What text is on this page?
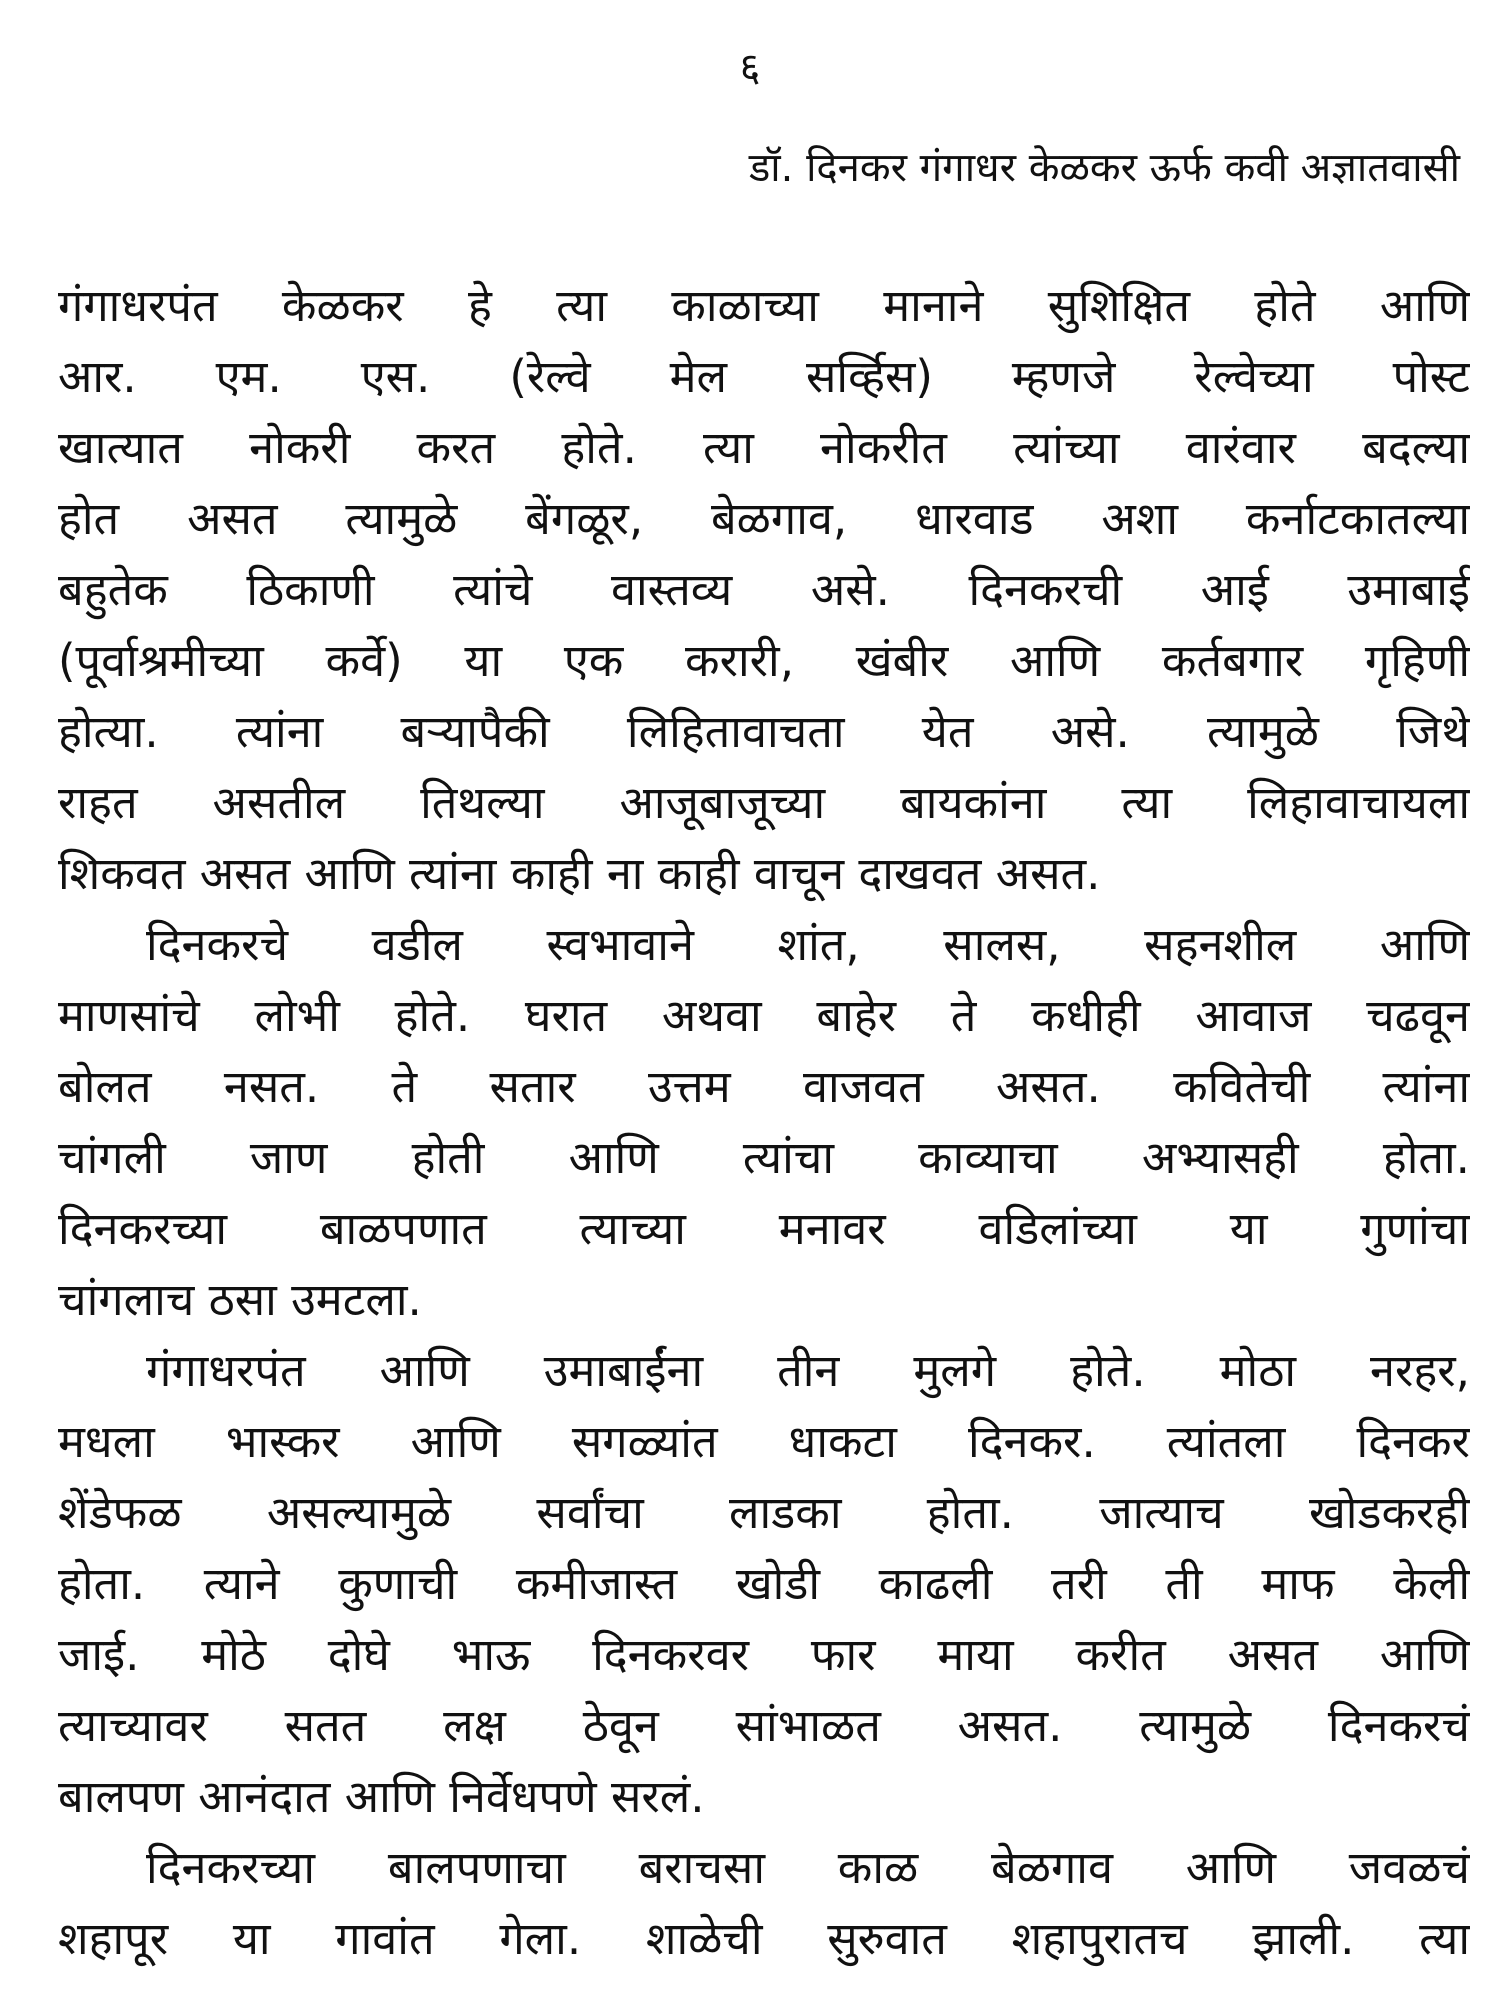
६
डॉ. दिनकर गंगाधर केळकर ऊर्फ कवी अज्ञातवासी
गंगाधरपंत केळकर हे त्या काळाच्या मानाने सुशिक्षित होते आणि
आर. एम. एस. (रेल्वे मेल सर्व्हिस) म्हणजे रेल्वेच्या पोस्ट
खात्यात नोकरी करत होते. त्या नोकरीत त्यांच्या वारंवार बदल्या
होत असत त्यामुळे बेंगळूर, बेळगाव, धारवाड अशा कर्नाटकातल्या
बहुतेक ठिकाणी त्यांचे वास्तव्य असे. दिनकरची आई उमाबाई
(पूर्वाश्रमीच्या कर्वे) या एक करारी, खंबीर आणि कर्तबगार गृहिणी
होत्या. त्यांना बऱ्यापैकी लिहितावाचता येत असे. त्यामुळे जिथे
राहत असतील तिथल्या आजूबाजूच्या बायकांना त्या लिहावाचायला
शिकवत असत आणि त्यांना काही ना काही वाचून दाखवत असत.
दिनकरचे वडील स्वभावाने शांत, सालस, सहनशील आणि
माणसांचे लोभी होते. घरात अथवा बाहेर ते कधीही आवाज चढवून
बोलत नसत. ते सतार उत्तम वाजवत असत. कवितेची त्यांना
चांगली जाण होती आणि त्यांचा काव्याचा अभ्यासही होता.
दिनकरच्या बाळपणात त्याच्या मनावर वडिलांच्या या गुणांचा
चांगलाच ठसा उमटला.
गंगाधरपंत आणि उमाबाईंना तीन मुलगे होते. मोठा नरहर,
मधला भास्कर आणि सगळ्यांत धाकटा दिनकर. त्यांतला दिनकर
शेंडेफळ असल्यामुळे सर्वांचा लाडका होता. जात्याच खोडकरही
होता. त्याने कुणाची कमीजास्त खोडी काढली तरी ती माफ केली
जाई. मोठे दोघे भाऊ दिनकरवर फार माया करीत असत आणि
त्याच्यावर सतत लक्ष ठेवून सांभाळत असत. त्यामुळे दिनकरचं
बालपण आनंदात आणि निर्वेधपणे सरलं.
दिनकरच्या बालपणाचा बराचसा काळ बेळगाव आणि जवळचं
शहापूर या गावांत गेला. शाळेची सुरुवात शहापुरातच झाली. त्या
